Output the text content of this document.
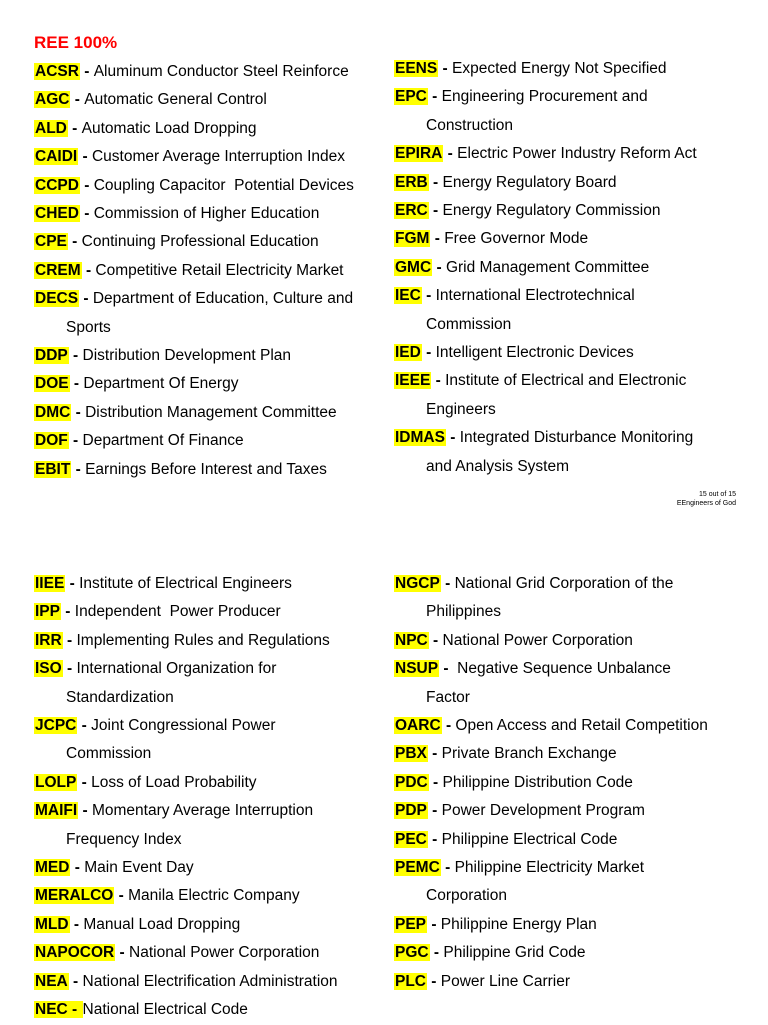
REE 100%
ACSR - Aluminum Conductor Steel Reinforce
AGC - Automatic General Control
ALD - Automatic Load Dropping
CAIDI - Customer Average Interruption Index
CCPD - Coupling Capacitor  Potential Devices
CHED - Commission of Higher Education
CPE - Continuing Professional Education
CREM - Competitive Retail Electricity Market
DECS - Department of Education, Culture and
Sports
DDP - Distribution Development Plan
DOE - Department Of Energy
DMC - Distribution Management Committee
DOF - Department Of Finance
EBIT - Earnings Before Interest and Taxes
EENS - Expected Energy Not Specified
EPC - Engineering Procurement and
Construction
EPIRA - Electric Power Industry Reform Act
ERB - Energy Regulatory Board
ERC - Energy Regulatory Commission
FGM - Free Governor Mode
GMC - Grid Management Committee
IEC - International Electrotechnical
Commission
IED - Intelligent Electronic Devices
IEEE - Institute of Electrical and Electronic
Engineers
IDMAS - Integrated Disturbance Monitoring
and Analysis System
15 out of 15
EEngineers of God
IIEE - Institute of Electrical Engineers
IPP - Independent  Power Producer
IRR - Implementing Rules and Regulations
ISO - International Organization for
Standardization
JCPC - Joint Congressional Power
Commission
LOLP - Loss of Load Probability
MAIFI - Momentary Average Interruption
Frequency Index
MED - Main Event Day
MERALCO - Manila Electric Company
MLD - Manual Load Dropping
NAPOCOR - National Power Corporation
NEA - National Electrification Administration
NEC - National Electrical Code
NGCP - National Grid Corporation of the
Philippines
NPC - National Power Corporation
NSUP -  Negative Sequence Unbalance
Factor
OARC - Open Access and Retail Competition
PBX - Private Branch Exchange
PDC - Philippine Distribution Code
PDP - Power Development Program
PEC - Philippine Electrical Code
PEMC - Philippine Electricity Market
Corporation
PEP - Philippine Energy Plan
PGC - Philippine Grid Code
PLC - Power Line Carrier
